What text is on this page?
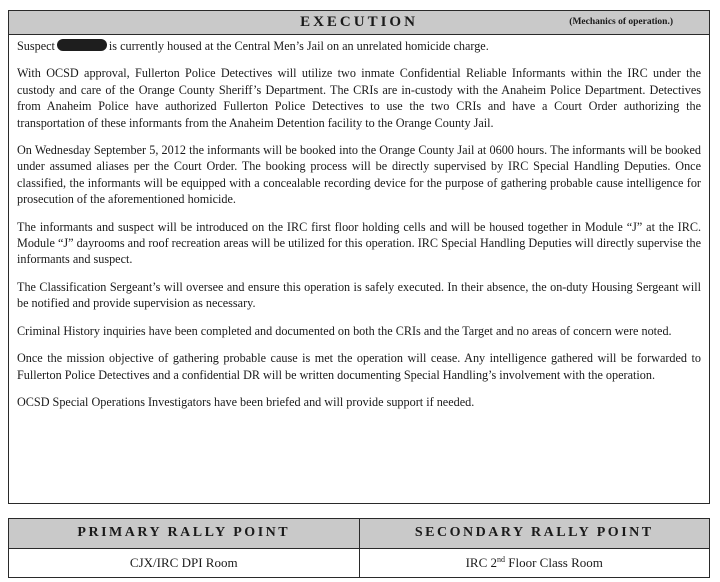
EXECUTION	(Mechanics of operation.)

Suspect	is currently housed at the Central Men’s Jail on an unrelated homicide charge.

With OCSD approval, Fullerton Police Detectives will utilize two inmate Confidential Reliable Informants within the IRC under the custody and care of the Orange County Sheriff’s Department. The CRIs are in-custody with the Anaheim Police Department. Detectives from Anaheim Police have authorized Fullerton Police Detectives to use the two CRIs and have a Court Order authorizing the transportation of these informants from the Anaheim Detention facility to the Orange County Jail.

On Wednesday September 5, 2012 the informants will be booked into the Orange County Jail at 0600 hours. The informants will be booked under assumed aliases per the Court Order. The booking process will be directly supervised by IRC Special Handling Deputies. Once classified, the informants will be equipped with a concealable recording device for the purpose of gathering probable cause intelligence for prosecution of the aforementioned homicide.

The informants and suspect will be introduced on the IRC first floor holding cells and will be housed together in Module “J” at the IRC. Module “J” dayrooms and roof recreation areas will be utilized for this operation. IRC Special Handling Deputies will directly supervise the informants and suspect.

The Classification Sergeant’s will oversee and ensure this operation is safely executed. In their absence, the on-duty Housing Sergeant will be notified and provide supervision as necessary.

Criminal History inquiries have been completed and documented on both the CRIs and the Target and no areas of concern were noted.

Once the mission objective of gathering probable cause is met the operation will cease. Any intelligence gathered will be forwarded to Fullerton Police Detectives and a confidential DR will be written documenting Special Handling’s involvement with the operation.

OCSD Special Operations Investigators have been briefed and will provide support if needed.

PRIMARY RALLY POINT	SECONDARY RALLY POINT
CJX/IRC DPI Room	IRC 2nd Floor Class Room
